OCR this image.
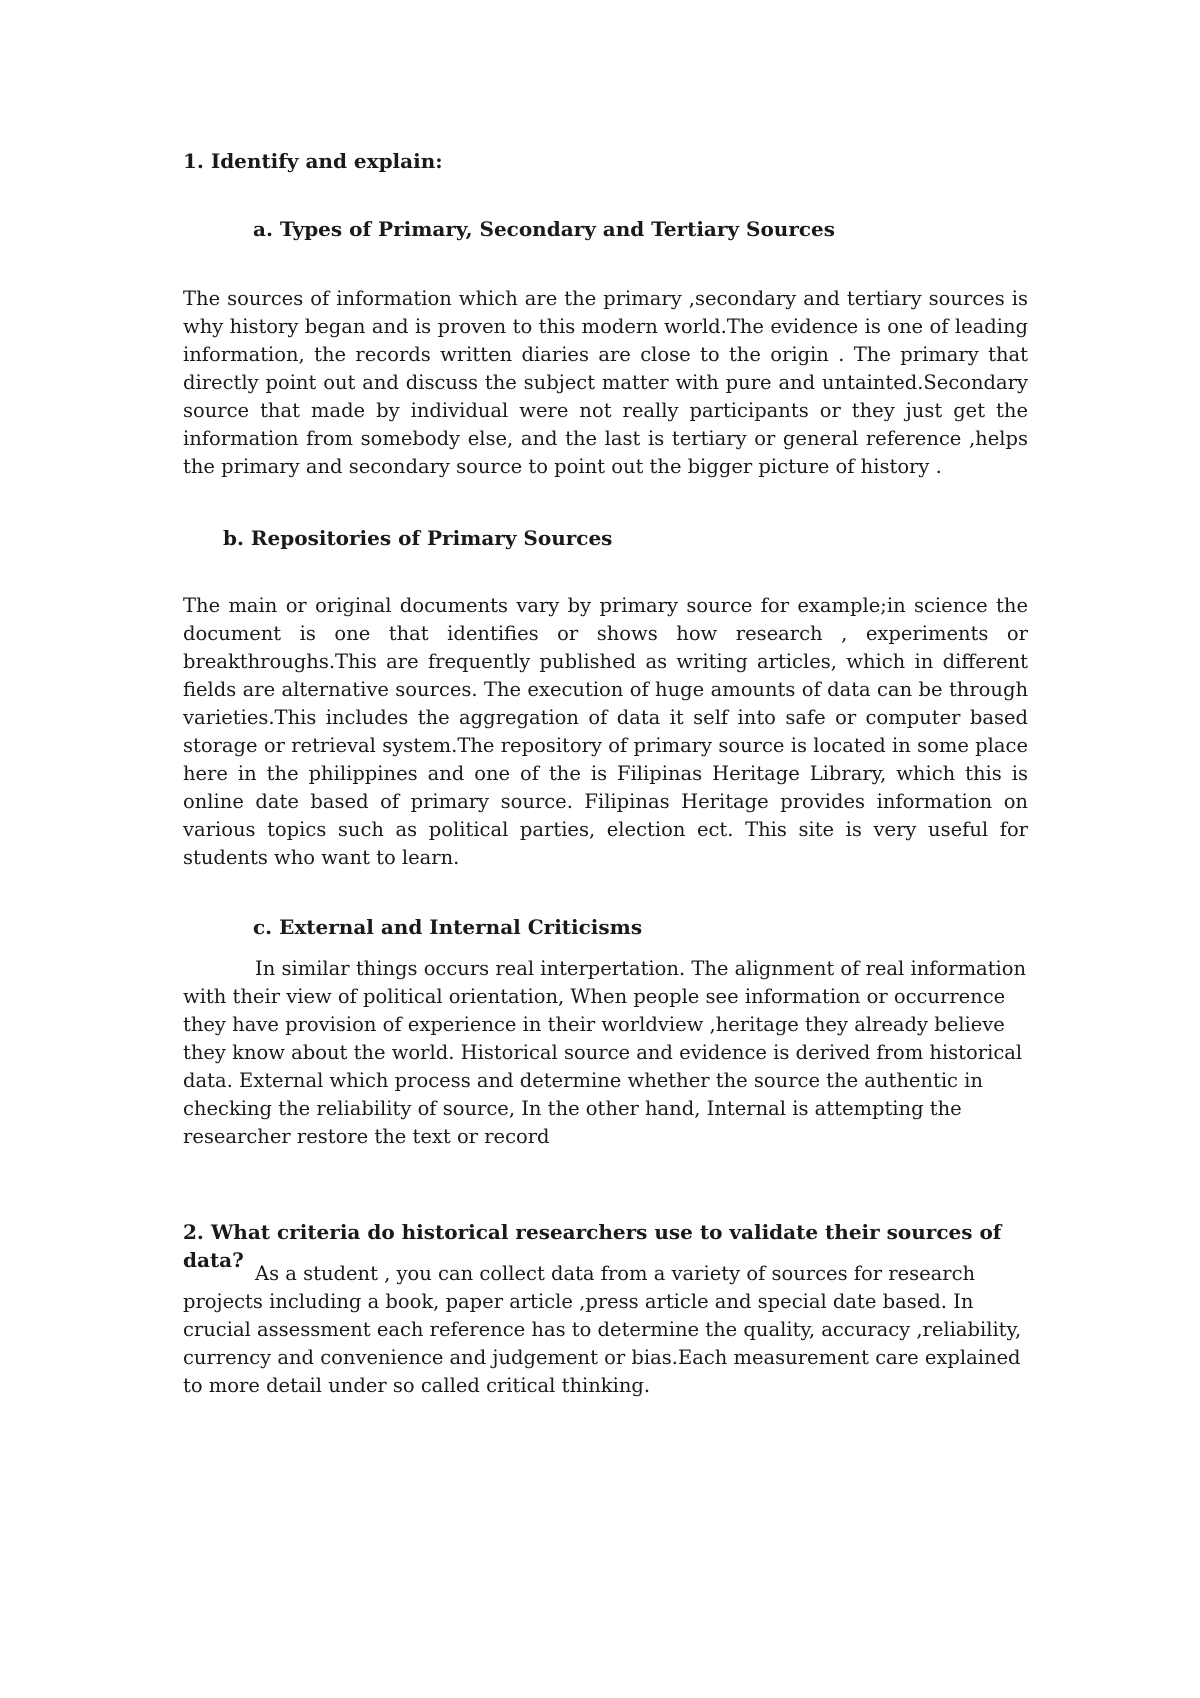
1. Identify and explain:
a. Types of Primary, Secondary and Tertiary Sources

The sources of information which are the primary ,secondary and tertiary sources is why history began and is proven to this modern world.The evidence is one of leading information, the records written diaries are close to the origin . The primary that directly point out and discuss the subject matter with pure and untainted.Secondary source that made by individual were not really participants or they just get the information from somebody else, and the last is tertiary or general reference ,helps the primary and secondary source to point out the bigger picture of history .

b. Repositories of Primary Sources

The main or original documents vary by primary source for example;in science the document is one that identifies or shows how research , experiments or breakthroughs.This are frequently published as writing articles, which in different fields are alternative sources. The execution of huge amounts of data can be through varieties.This includes the aggregation of data it self into safe or computer based storage or retrieval system.The repository of primary source is located in some place here in the philippines and one of the is Filipinas Heritage Library, which this is online date based of primary source. Filipinas Heritage provides information on various topics such as political parties, election ect. This site is very useful for students who want to learn.

c. External and Internal Criticisms

In similar things occurs real interpertation. The alignment of real information with their view of political orientation, When people see information or occurrence they have provision of experience in their worldview ,heritage they already believe they know about the world. Historical source and evidence is derived from historical data. External which process and determine whether the source the authentic in checking the reliability of source, In the other hand, Internal is attempting the researcher restore the text or record

2. What criteria do historical researchers use to validate their sources of data?

As a student , you can collect data from a variety of sources for research projects including a book, paper article ,press article and special date based. In crucial assessment each reference has to determine the quality, accuracy ,reliability, currency and convenience and judgement or bias.Each measurement care explained to more detail under so called critical thinking.
